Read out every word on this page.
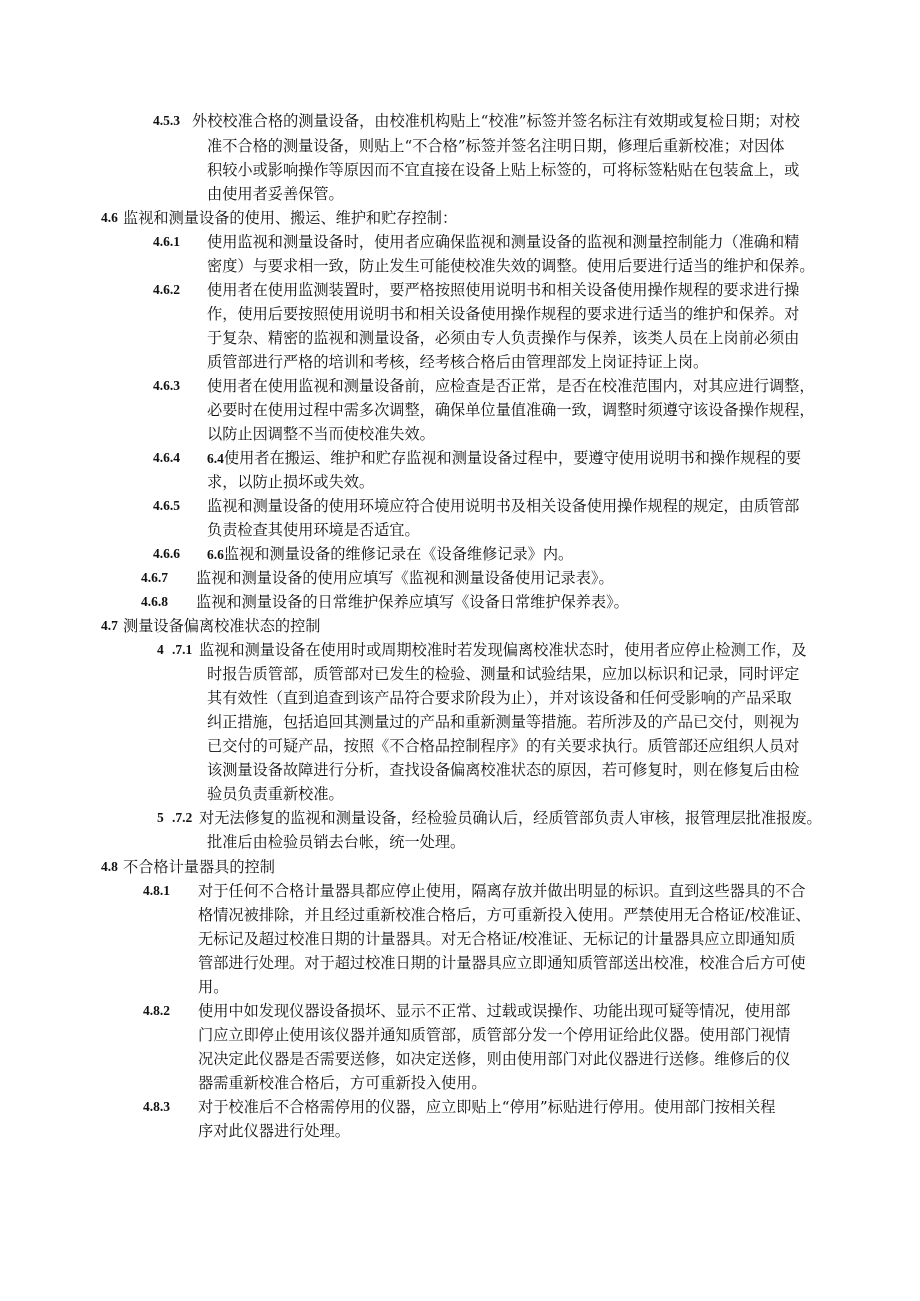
4.5.3 外校校准合格的测量设备，由校准机构贴上“校准”标签并签名标注有效期或复检日期；对校
准不合格的测量设备，则贴上“不合格”标签并签名注明日期，修理后重新校准；对因体
积较小或影响操作等原因而不宜直接在设备上贴上标签的，可将标签粘贴在包装盒上，或
由使用者妥善保管。
4.6 监视和测量设备的使用、搬运、维护和贮存控制：
4.6.1 使用监视和测量设备时，使用者应确保监视和测量设备的监视和测量控制能力（准确和精
密度）与要求相一致，防止发生可能使校准失效的调整。使用后要进行适当的维护和保养。
4.6.2 使用者在使用监测装置时，要严格按照使用说明书和相关设备使用操作规程的要求进行操
作，使用后要按照使用说明书和相关设备使用操作规程的要求进行适当的维护和保养。对
于复杂、精密的监视和测量设备，必须由专人负责操作与保养，该类人员在上岗前必须由
质管部进行严格的培训和考核，经考核合格后由管理部发上岗证持证上岗。
4.6.3 使用者在使用监视和测量设备前，应检查是否正常，是否在校准范围内，对其应进行调整，
必要时在使用过程中需多次调整，确保单位量值准确一致，调整时须遵守该设备操作规程，
以防止因调整不当而使校准失效。
4.6.4 6.4使用者在搬运、维护和贮存监视和测量设备过程中，要遵守使用说明书和操作规程的要
求，以防止损坏或失效。
4.6.5 监视和测量设备的使用环境应符合使用说明书及相关设备使用操作规程的规定，由质管部
负责检查其使用环境是否适宜。
4.6.6 6.6监视和测量设备的维修记录在《设备维修记录》内。
4.6.7 监视和测量设备的使用应填写《监视和测量设备使用记录表》。
4.6.8 监视和测量设备的日常维护保养应填写《设备日常维护保养表》。
4.7 测量设备偏离校准状态的控制
4 .7.1 监视和测量设备在使用时或周期校准时若发现偏离校准状态时，使用者应停止检测工作，及
时报告质管部，质管部对已发生的检验、测量和试验结果，应加以标识和记录，同时评定
其有效性（直到追查到该产品符合要求阶段为止），并对该设备和任何受影响的产品采取
纠正措施，包括追回其测量过的产品和重新测量等措施。若所涉及的产品已交付，则视为
已交付的可疑产品，按照《不合格品控制程序》的有关要求执行。质管部还应组织人员对
该测量设备故障进行分析，查找设备偏离校准状态的原因，若可修复时，则在修复后由检
验员负责重新校准。
5 .7.2 对无法修复的监视和测量设备，经检验员确认后，经质管部负责人审核，报管理层批准报废。
批准后由检验员销去台帐，统一处理。
4.8 不合格计量器具的控制
4.8.1 对于任何不合格计量器具都应停止使用，隔离存放并做出明显的标识。直到这些器具的不合
格情况被排除，并且经过重新校准合格后，方可重新投入使用。严禁使用无合格证/校准证、
无标记及超过校准日期的计量器具。对无合格证/校准证、无标记的计量器具应立即通知质
管部进行处理。对于超过校准日期的计量器具应立即通知质管部送出校准，校准合后方可使
用。
4.8.2 使用中如发现仪器设备损坏、显示不正常、过载或误操作、功能出现可疑等情况，使用部
门应立即停止使用该仪器并通知质管部，质管部分发一个停用证给此仪器。使用部门视情
况决定此仪器是否需要送修，如决定送修，则由使用部门对此仪器进行送修。维修后的仪
器需重新校准合格后，方可重新投入使用。
4.8.3 对于校准后不合格需停用的仪器，应立即贴上“停用”标贴进行停用。使用部门按相关程
序对此仪器进行处理。
